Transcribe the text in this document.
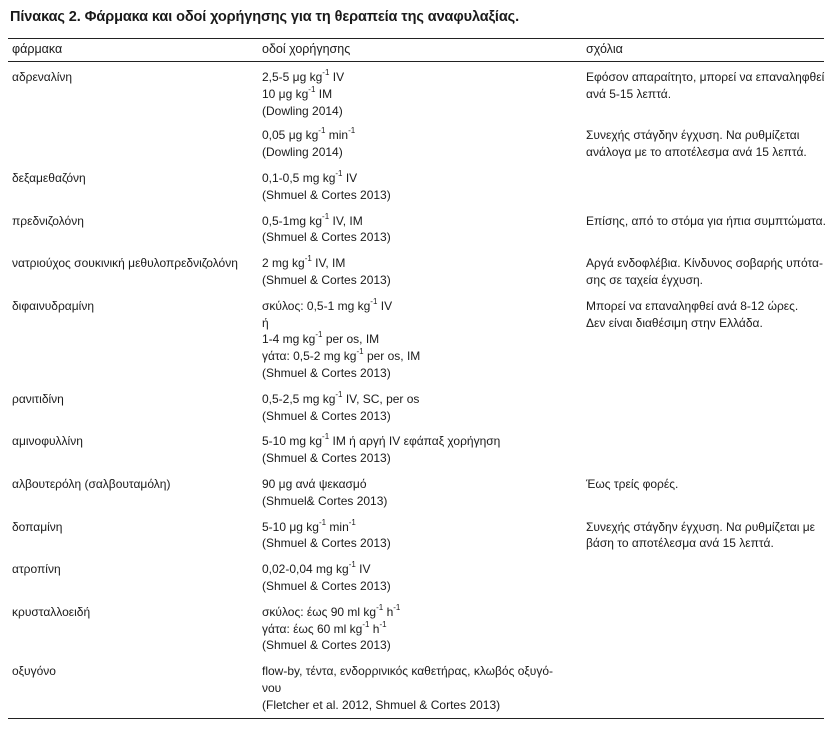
Πίνακας 2. Φάρμακα και οδοί χορήγησης για τη θεραπεία της αναφυλαξίας.
φάρμακα	οδοί χορήγησης	σχόλια
αδρεναλίνη	2,5-5 μg $kg^{-1}$ IV
10 μg $kg^{-1}$ IM
(Dowling 2014)	Εφόσον απαραίτητο, μπορεί να επαναληφθεί
ανά 5-15 λεπτά.

	0,05 μg $kg^{-1}$ $\min^{-1}$
(Dowling 2014)	Συνεχής στάγδην έγχυση. Να ρυθμίζεται
ανάλογα με το αποτέλεσμα ανά 15 λεπτά.

δεξαμεθαζόνη	0,1-0,5 mg $kg^{-1}$ IV
(Shmuel & Cortes 2013)	

πρεδνιζολόνη	0,5-1mg $kg^{-1}$ IV, IM
(Shmuel & Cortes 2013)	Επίσης, από το στόμα για ήπια συμπτώματα.

νατριούχος σουκινική μεθυλοπρεδνιζολόνη	2 mg $kg^{-1}$ IV, IM
(Shmuel & Cortes 2013)	Αργά ενδοφλέβια. Κίνδυνος σοβαρής υπότα-
σης σε ταχεία έγχυση.

διφαινυδραμίνη	σκύλος: 0,5-1 mg $kg^{-1}$ IV
ή
1-4 mg $kg^{-1}$ per os, IM
γάτα: 0,5-2 mg $kg^{-1}$ per os, IM
(Shmuel & Cortes 2013)	Μπορεί να επαναληφθεί ανά 8-12 ώρες.
Δεν είναι διαθέσιμη στην Ελλάδα.

ρανιτιδίνη	0,5-2,5 mg $kg^{-1}$ IV, SC, per os
(Shmuel & Cortes 2013)	

αμινοφυλλίνη	5-10 mg $kg^{-1}$ IM ή αργή IV εφάπαξ χορήγηση
(Shmuel & Cortes 2013)	

αλβουτερόλη (σαλβουταμόλη)	90 μg ανά ψεκασμό
(Shmuel& Cortes 2013)	Έως τρείς φορές.

δοπαμίνη	5-10 μg $kg^{-1}$ $\min^{-1}$
(Shmuel & Cortes 2013)	Συνεχής στάγδην έγχυση. Να ρυθμίζεται με
βάση το αποτέλεσμα ανά 15 λεπτά.

ατροπίνη	0,02-0,04 mg $kg^{-1}$ IV
(Shmuel & Cortes 2013)	

κρυσταλλοειδή	σκύλος: έως 90 ml $kg^{-1}$ $h^{-1}$
γάτα: έως 60 ml $kg^{-1}$ $h^{-1}$
(Shmuel & Cortes 2013)	

οξυγόνο	flow-by, τέντα, ενδορρινικός καθετήρας, κλωβός οξυγό-
νου
(Fletcher et al. 2012, Shmuel & Cortes 2013)	
